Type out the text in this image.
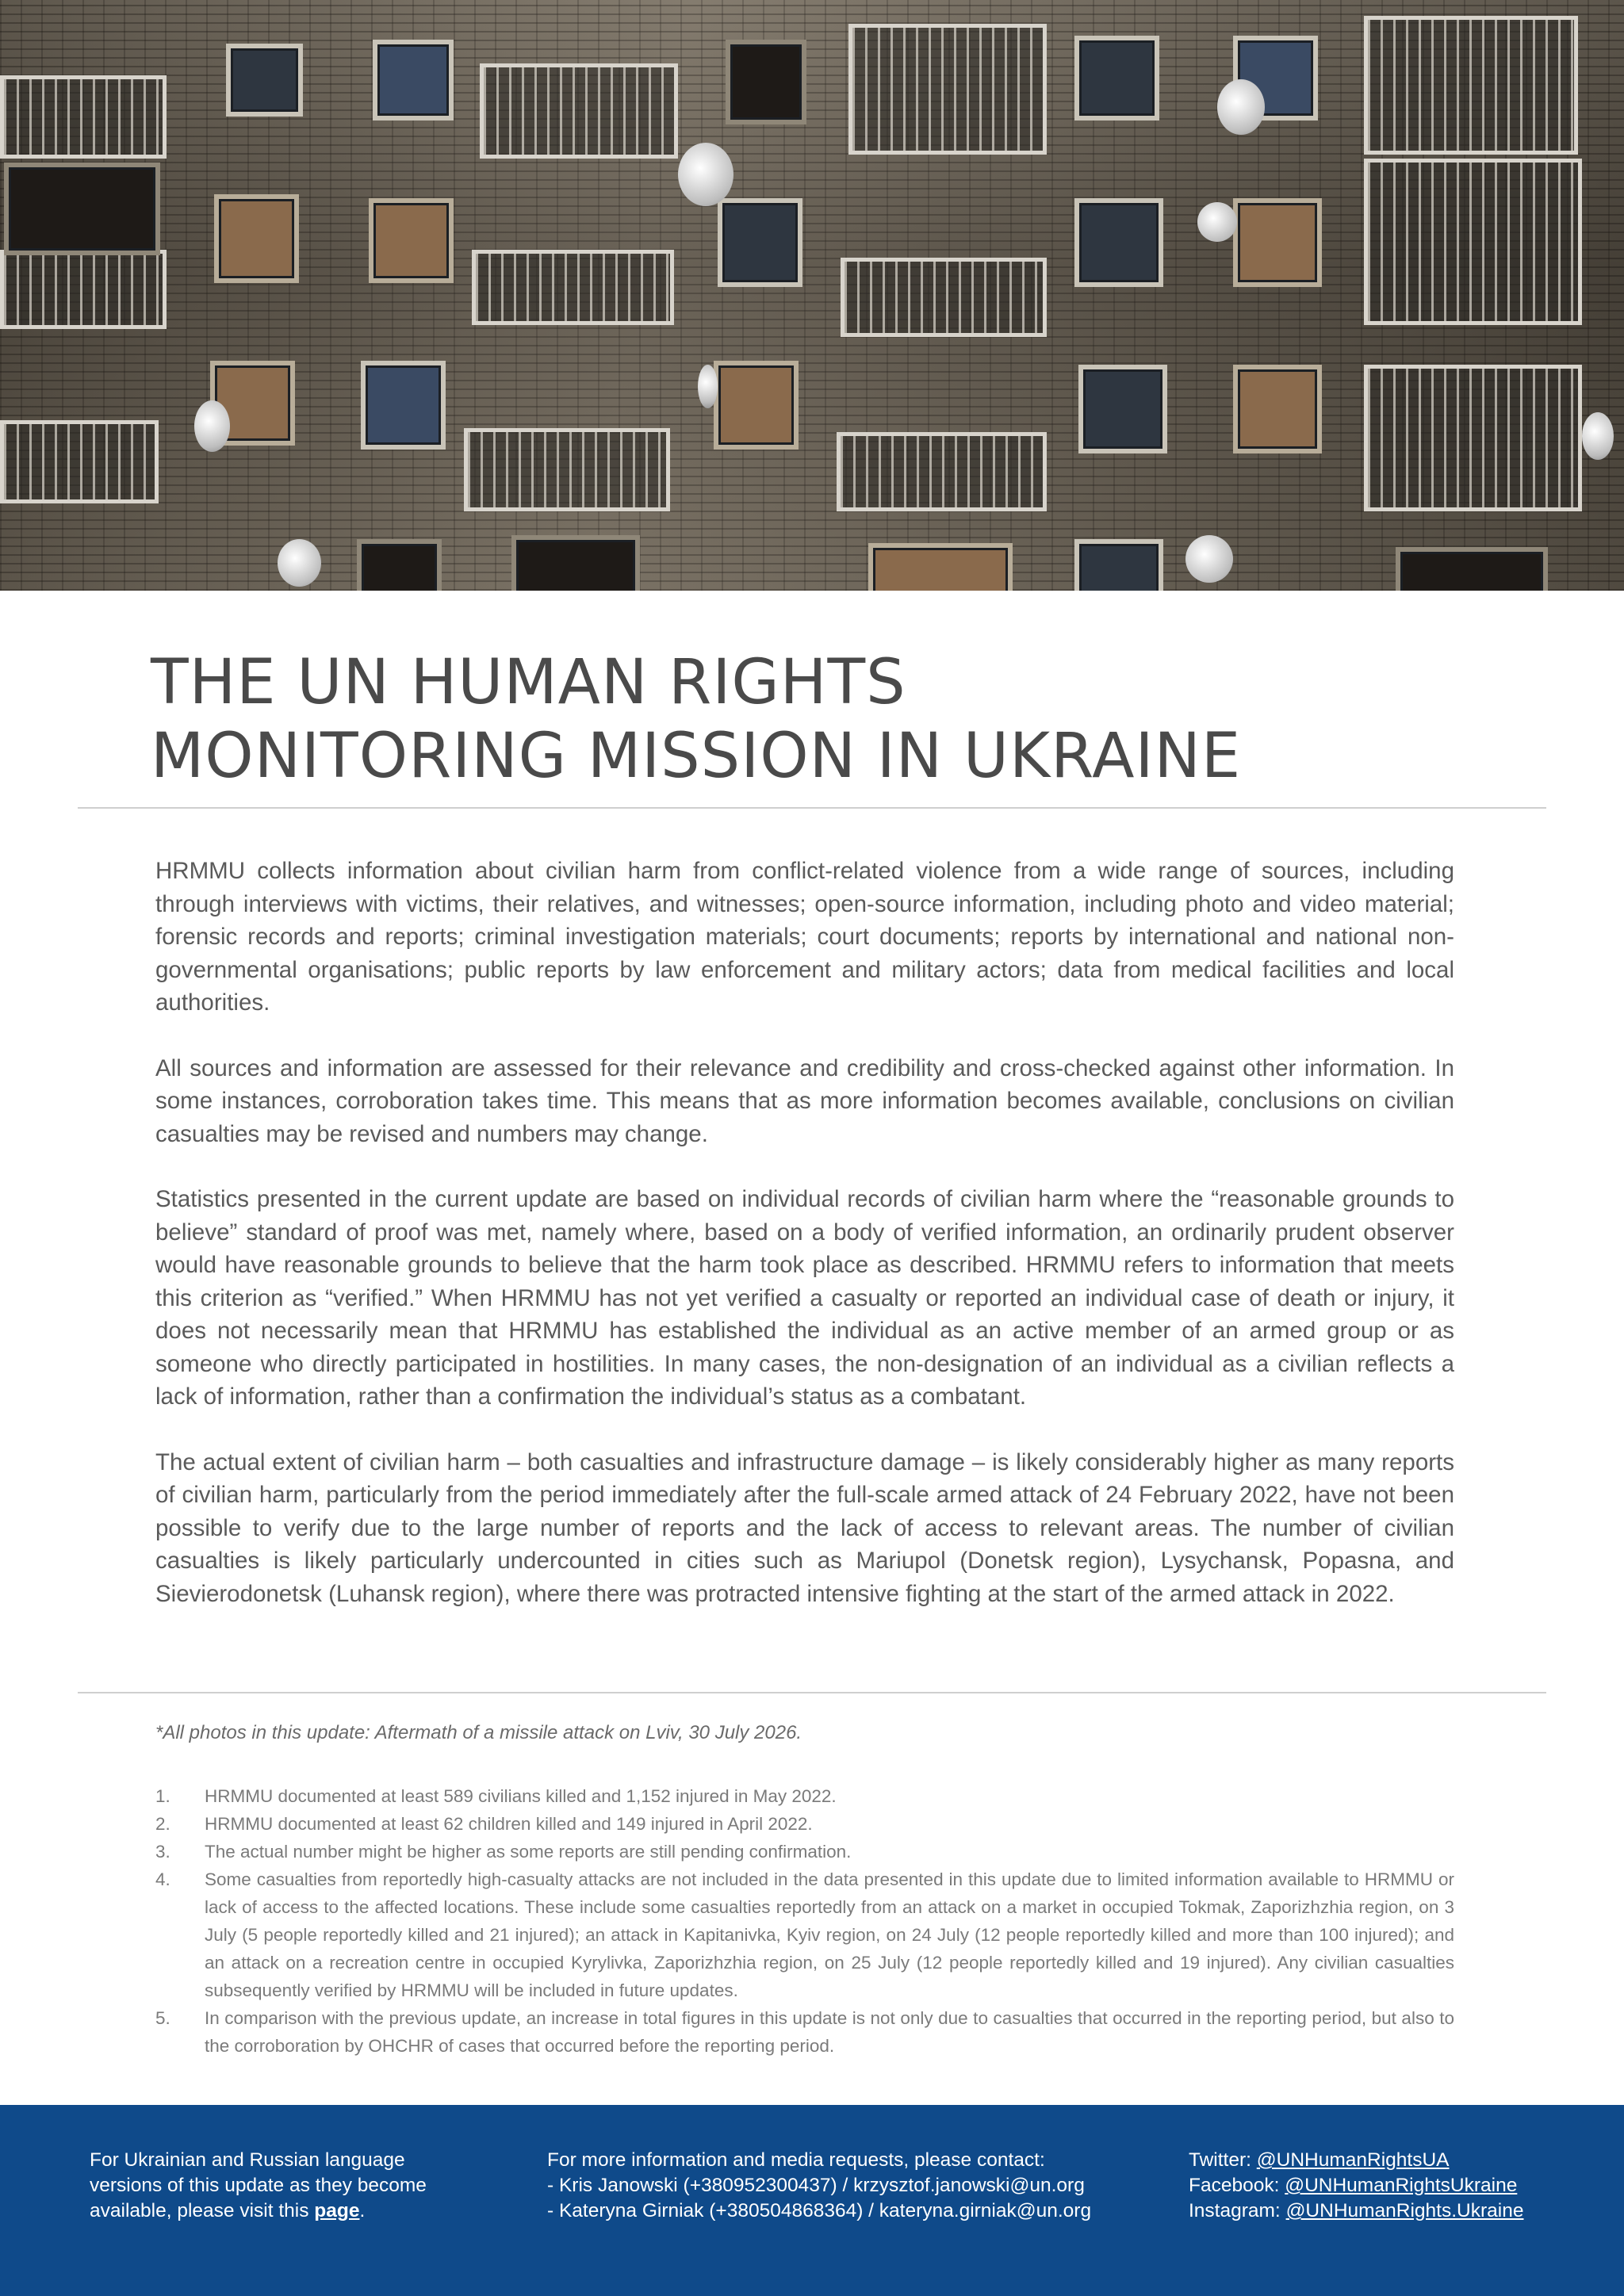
THE UN HUMAN RIGHTS
MONITORING MISSION IN UKRAINE

HRMMU collects information about civilian harm from conflict-related violence from a wide range of sources, including through interviews with victims, their relatives, and witnesses; open-source information, including photo and video material; forensic records and reports; criminal investigation materials; court documents; reports by international and national non-governmental organisations; public reports by law enforcement and military actors; data from medical facilities and local authorities.

All sources and information are assessed for their relevance and credibility and cross-checked against other information. In some instances, corroboration takes time. This means that as more information becomes available, conclusions on civilian casualties may be revised and numbers may change.

Statistics presented in the current update are based on individual records of civilian harm where the “reasonable grounds to believe” standard of proof was met, namely where, based on a body of verified information, an ordinarily prudent observer would have reasonable grounds to believe that the harm took place as described. HRMMU refers to information that meets this criterion as “verified.” When HRMMU has not yet verified a casualty or reported an individual case of death or injury, it does not necessarily mean that HRMMU has established the individual as an active member of an armed group or as someone who directly participated in hostilities. In many cases, the non-designation of an individual as a civilian reflects a lack of information, rather than a confirmation the individual’s status as a combatant.

The actual extent of civilian harm – both casualties and infrastructure damage – is likely considerably higher as many reports of civilian harm, particularly from the period immediately after the full-scale armed attack of 24 February 2022, have not been possible to verify due to the large number of reports and the lack of access to relevant areas. The number of civilian casualties is likely particularly undercounted in cities such as Mariupol (Donetsk region), Lysychansk, Popasna, and Sievierodonetsk (Luhansk region), where there was protracted intensive fighting at the start of the armed attack in 2022.

*All photos in this update: Aftermath of a missile attack on Lviv, 30 July 2026.

1. HRMMU documented at least 589 civilians killed and 1,152 injured in May 2022.
2. HRMMU documented at least 62 children killed and 149 injured in April 2022.
3. The actual number might be higher as some reports are still pending confirmation.
4. Some casualties from reportedly high-casualty attacks are not included in the data presented in this update due to limited information available to HRMMU or lack of access to the affected locations. These include some casualties reportedly from an attack on a market in occupied Tokmak, Zaporizhzhia region, on 3 July (5 people reportedly killed and 21 injured); an attack in Kapitanivka, Kyiv region, on 24 July (12 people reportedly killed and more than 100 injured); and an attack on a recreation centre in occupied Kyrylivka, Zaporizhzhia region, on 25 July (12 people reportedly killed and 19 injured). Any civilian casualties subsequently verified by HRMMU will be included in future updates.
5. In comparison with the previous update, an increase in total figures in this update is not only due to casualties that occurred in the reporting period, but also to the corroboration by OHCHR of cases that occurred before the reporting period.
For Ukrainian and Russian language
versions of this update as they become
available, please visit this page.
For more information and media requests, please contact:
- Kris Janowski (+380952300437) / krzysztof.janowski@un.org
- Kateryna Girniak (+380504868364) / kateryna.girniak@un.org
Twitter: @UNHumanRightsUA
Facebook: @UNHumanRightsUkraine
Instagram: @UNHumanRights.Ukraine
